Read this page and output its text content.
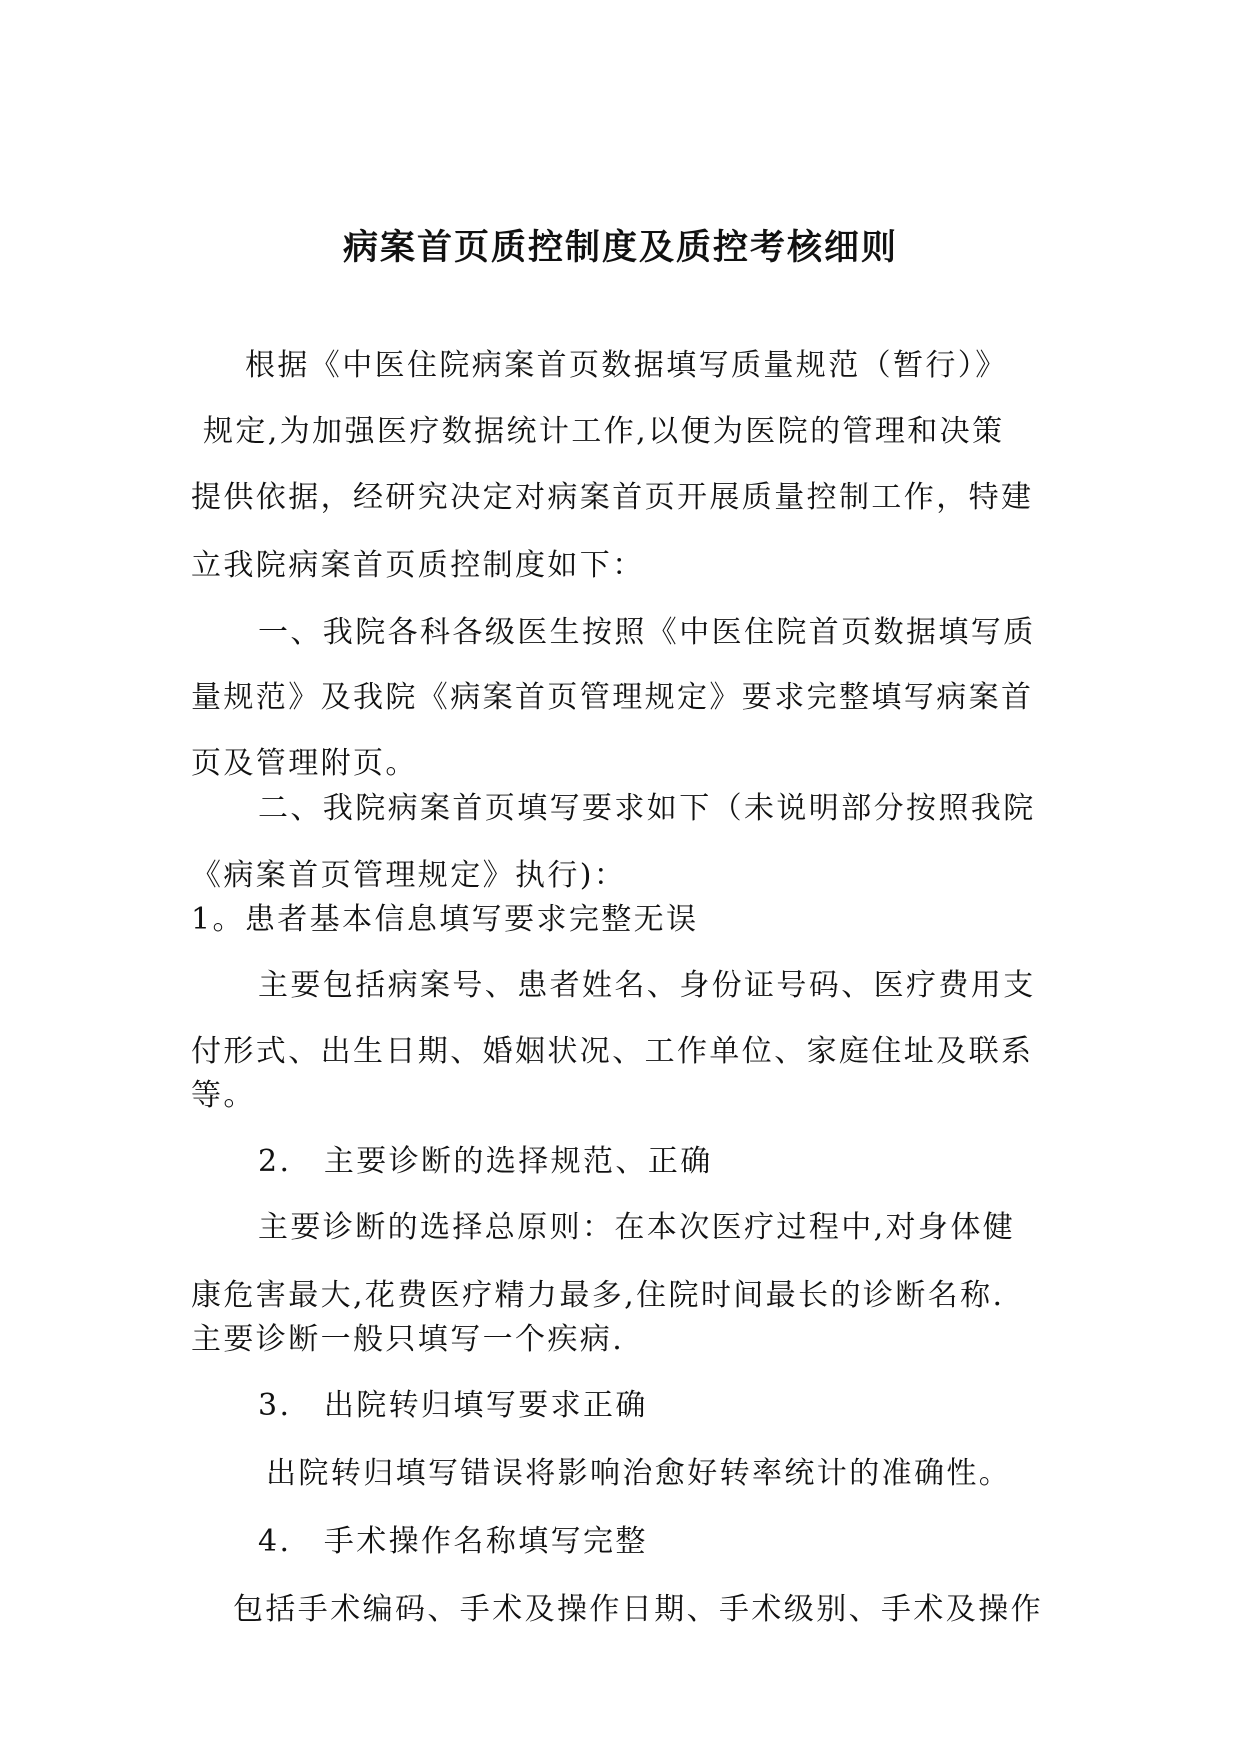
病案首页质控制度及质控考核细则
根据《中医住院病案首页数据填写质量规范（暂行）》
规定,为加强医疗数据统计工作,以便为医院的管理和决策
提供依据，经研究决定对病案首页开展质量控制工作，特建
立我院病案首页质控制度如下：
一、我院各科各级医生按照《中医住院首页数据填写质
量规范》及我院《病案首页管理规定》要求完整填写病案首
页及管理附页。
二、我院病案首页填写要求如下（未说明部分按照我院
《病案首页管理规定》执行)：
1。患者基本信息填写要求完整无误
主要包括病案号、患者姓名、身份证号码、医疗费用支
付形式、出生日期、婚姻状况、工作单位、家庭住址及联系
等。
2.　主要诊断的选择规范、正确
主要诊断的选择总原则：在本次医疗过程中,对身体健
康危害最大,花费医疗精力最多,住院时间最长的诊断名称.
主要诊断一般只填写一个疾病.
3.　出院转归填写要求正确
出院转归填写错误将影响治愈好转率统计的准确性。
4.　手术操作名称填写完整
包括手术编码、手术及操作日期、手术级别、手术及操作
